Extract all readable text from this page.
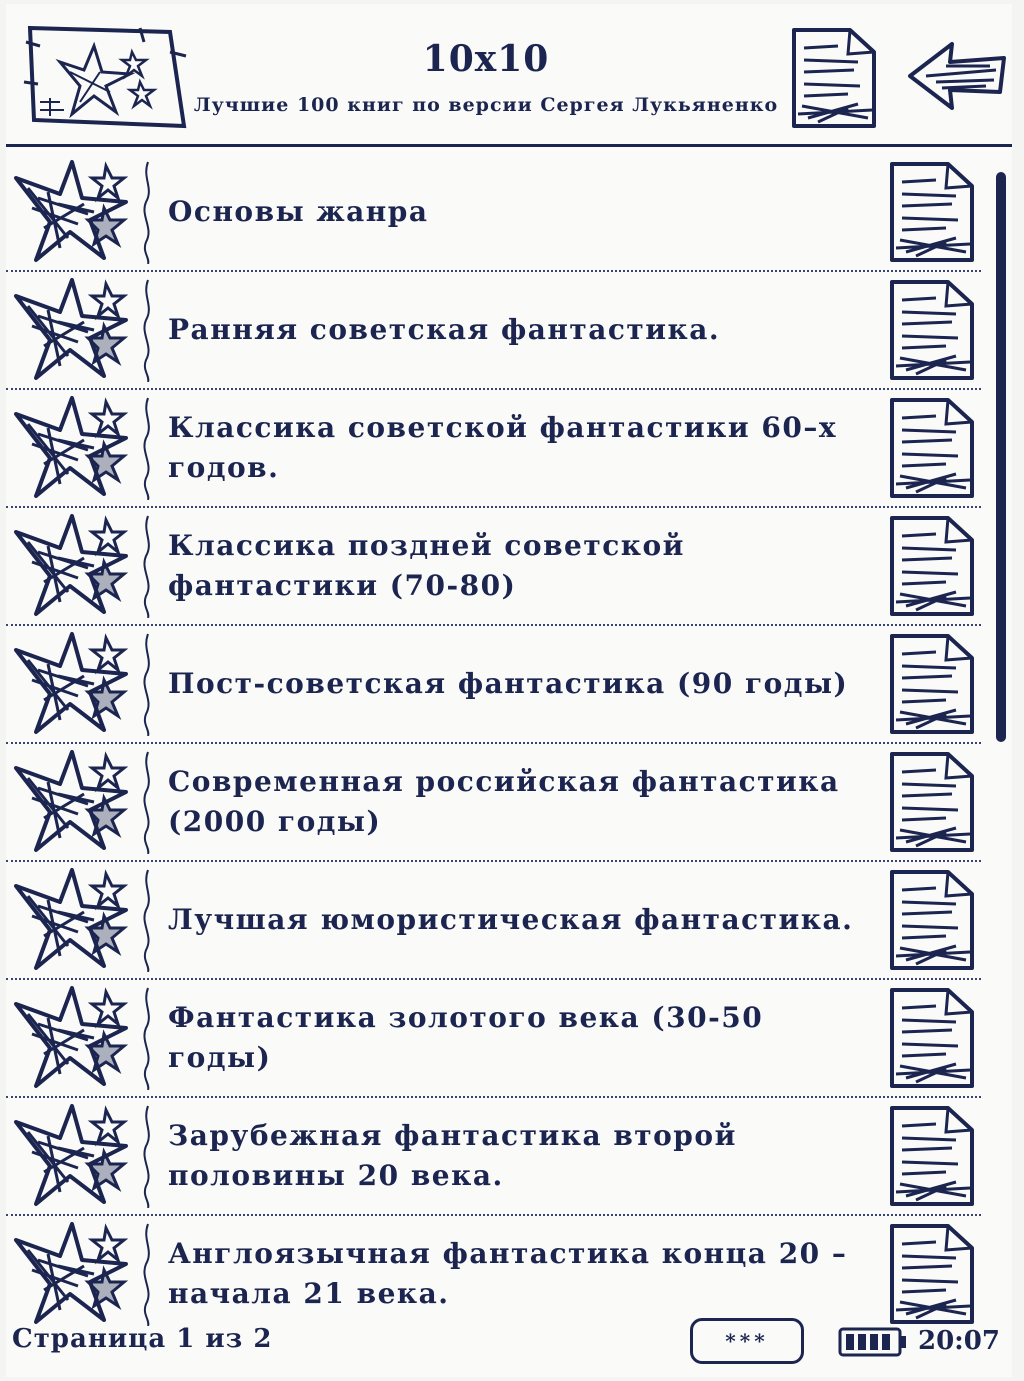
10x10
Лучшие 100 книг по версии Сергея Лукьяненко
Основы жанра
Ранняя советская фантастика.
Классика советской фантастики 60–х годов.
Классика поздней советской фантастики (70-80)
Пост-советская фантастика (90 годы)
Современная российская фантастика (2000 годы)
Лучшая юмористическая фантастика.
Фантастика золотого века (30-50 годы)
Зарубежная фантастика второй половины 20 века.
Англоязычная фантастика конца 20 – начала 21 века.
Страница 1 из 2	***	20:07
